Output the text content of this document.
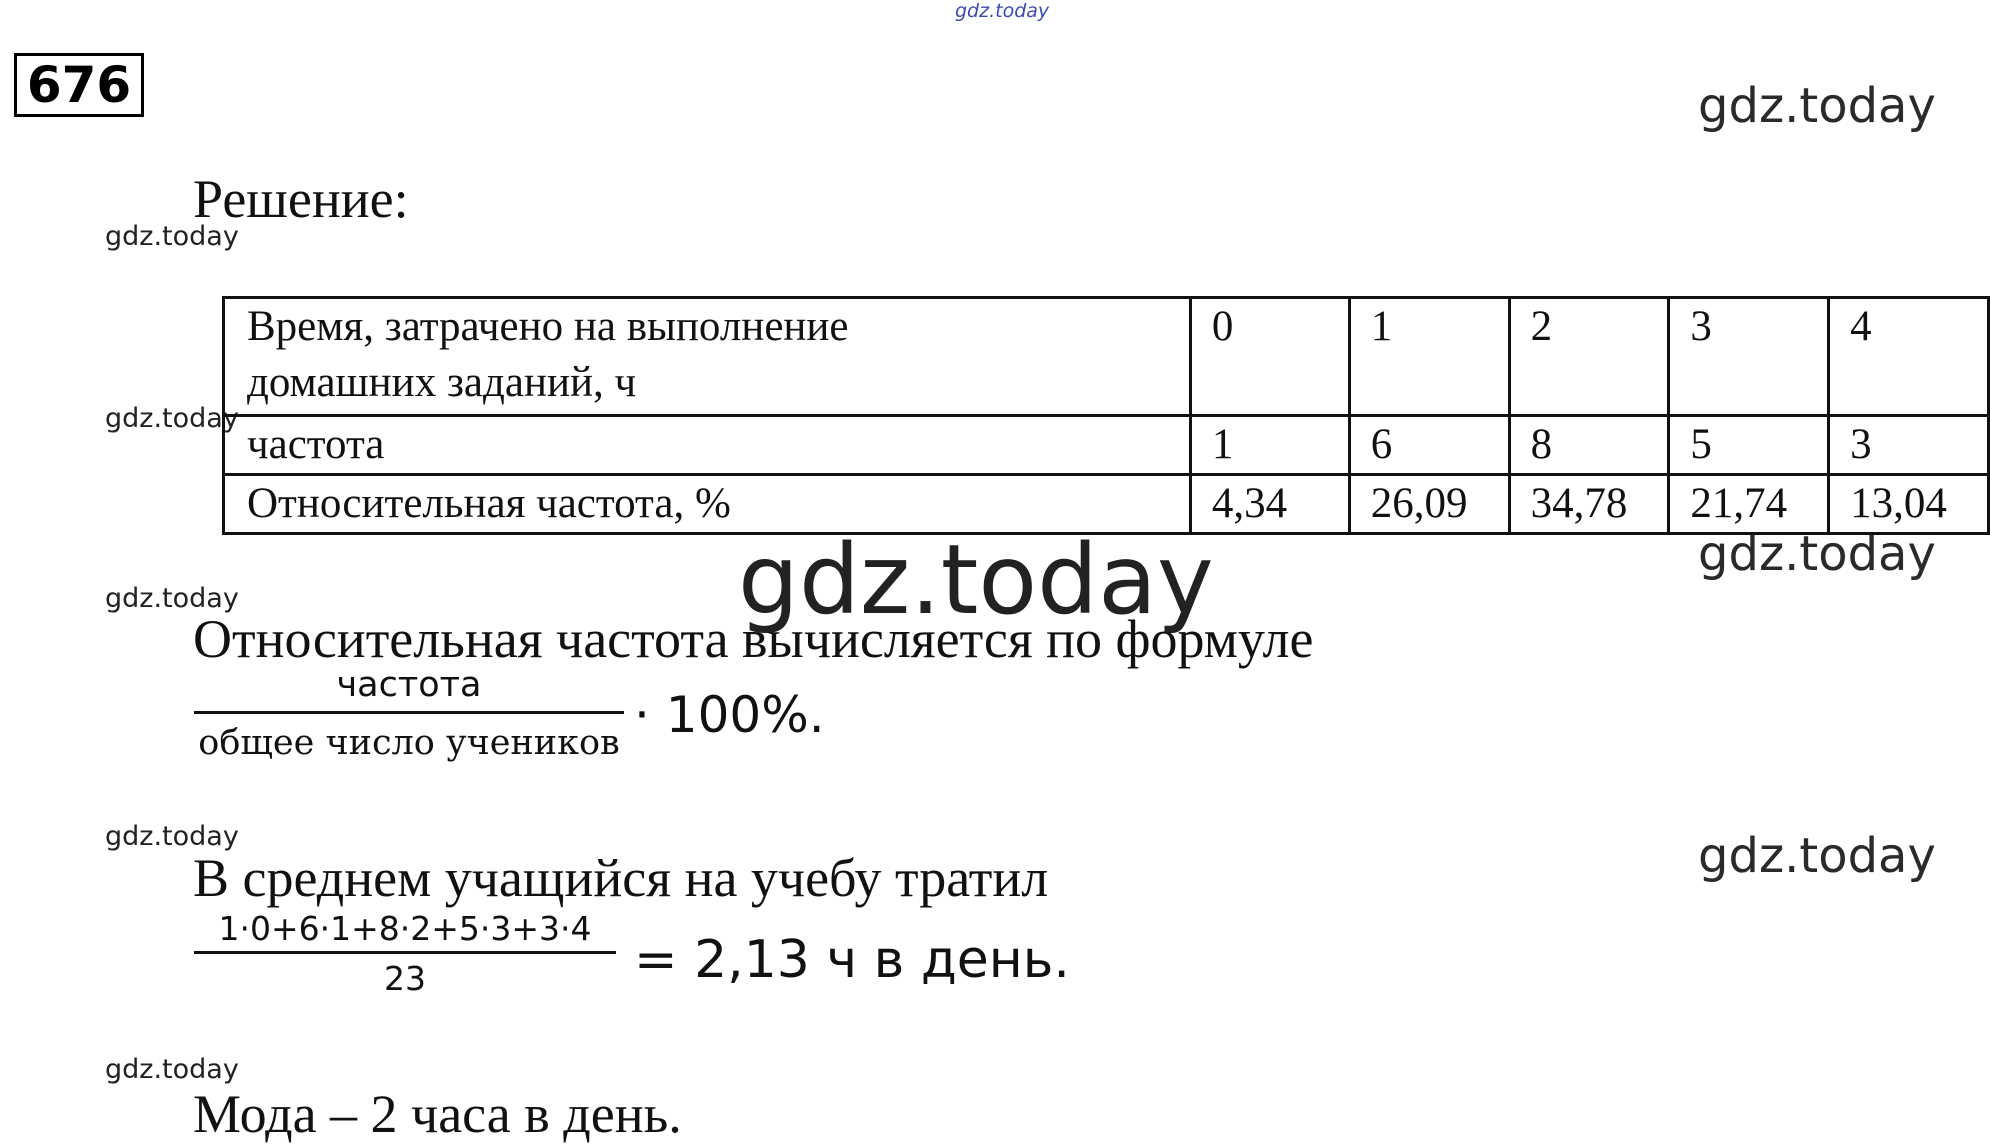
gdz.today
gdz.today
gdz.today
gdz.today
gdz.today
gdz.today
gdz.today
gdz.today
gdz.today
gdz.today
676
Решение:
Время, затрачено на выполнение
домашних заданий, ч	0	1	2	3	4
частота	1	6	8	5	3
Относительная частота, %	4,34	26,09	34,78	21,74	13,04
Относительная частота вычисляется по формуле
частота
общее число учеников · 100%.
В среднем учащийся на учебу тратил
1·0+6·1+8·2+5·3+3·4
23	= 2,13 ч в день.
Мода – 2 часа в день.
